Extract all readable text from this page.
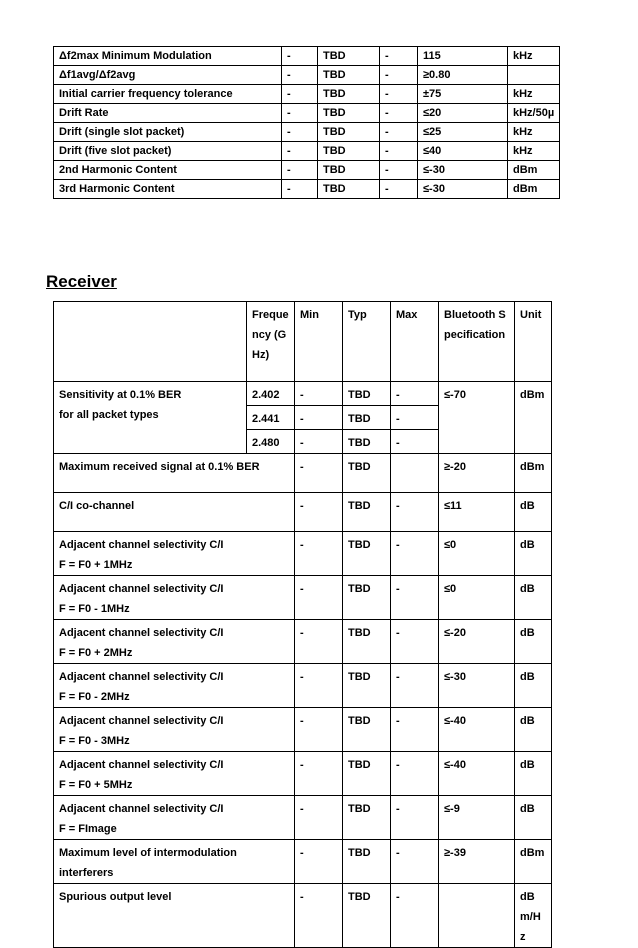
Δf2max Minimum Modulation	-	TBD	-	115	kHz
Δf1avg/Δf2avg	-	TBD	-	≥0.80	
Initial carrier frequency tolerance	-	TBD	-	±75	kHz
Drift Rate	-	TBD	-	≤20	kHz/50µ
Drift (single slot packet)	-	TBD	-	≤25	kHz
Drift (five slot packet)	-	TBD	-	≤40	kHz
2nd Harmonic Content	-	TBD	-	≤-30	dBm
3rd Harmonic Content	-	TBD	-	≤-30	dBm
Receiver
	Frequency (GHz)	Min	Typ	Max	Bluetooth Specification	Unit

Sensitivity at 0.1% BER
for all packet types	2.402	-	TBD	-	≤-70	dBm
	2.441	-	TBD	-		
	2.480	-	TBD	-		
Maximum received signal at 0.1% BER		-	TBD		≥-20	dBm

C/I co-channel		-	TBD	-	≤11	dB

Adjacent channel selectivity C/I
F = F0 + 1MHz		-	TBD	-	≤0	dB

Adjacent channel selectivity C/I
F = F0 - 1MHz		-	TBD	-	≤0	dB

Adjacent channel selectivity C/I
F = F0 + 2MHz		-	TBD	-	≤-20	dB

Adjacent channel selectivity C/I
F = F0 - 2MHz		-	TBD	-	≤-30	dB

Adjacent channel selectivity C/I
F = F0 - 3MHz		-	TBD	-	≤-40	dB

Adjacent channel selectivity C/I
F = F0 + 5MHz		-	TBD	-	≤-40	dB

Adjacent channel selectivity C/I
F = FImage		-	TBD	-	≤-9	dB

Maximum level of intermodulation
interferers		-	TBD	-	≥-39	dBm

Spurious output level		-	TBD	-		dBm/Hz
